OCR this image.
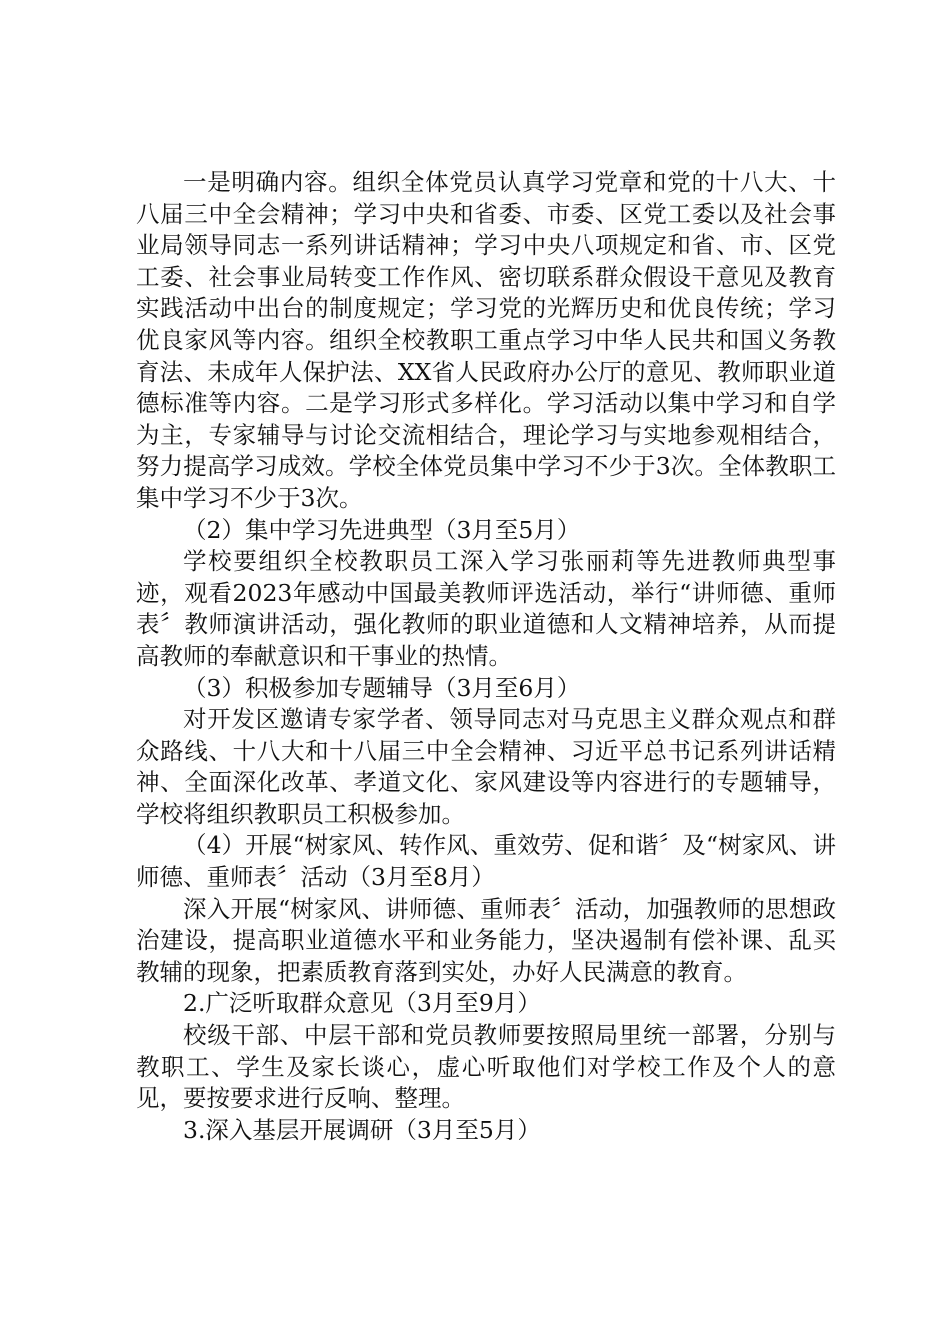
一是明确内容。组织全体党员认真学习党章和党的十八大、十八届三中全会精神；学习中央和省委、市委、区党工委以及社会事业局领导同志一系列讲话精神；学习中央八项规定和省、市、区党工委、社会事业局转变工作作风、密切联系群众假设干意见及教育实践活动中出台的制度规定；学习党的光辉历史和优良传统；学习优良家风等内容。组织全校教职工重点学习中华人民共和国义务教育法、未成年人保护法、XX省人民政府办公厅的意见、教师职业道德标准等内容。二是学习形式多样化。学习活动以集中学习和自学为主，专家辅导与讨论交流相结合，理论学习与实地参观相结合，努力提高学习成效。学校全体党员集中学习不少于3次。全体教职工集中学习不少于3次。

（2）集中学习先进典型（3月至5月）

学校要组织全校教职员工深入学习张丽莉等先进教师典型事迹，观看2023年感动中国最美教师评选活动，举行“讲师德、重师表〞教师演讲活动，强化教师的职业道德和人文精神培养，从而提高教师的奉献意识和干事业的热情。

（3）积极参加专题辅导（3月至6月）

对开发区邀请专家学者、领导同志对马克思主义群众观点和群众路线、十八大和十八届三中全会精神、习近平总书记系列讲话精神、全面深化改革、孝道文化、家风建设等内容进行的专题辅导，学校将组织教职员工积极参加。

（4）开展“树家风、转作风、重效劳、促和谐〞及“树家风、讲师德、重师表〞活动（3月至8月）

深入开展“树家风、讲师德、重师表〞活动，加强教师的思想政治建设，提高职业道德水平和业务能力，坚决遏制有偿补课、乱买教辅的现象，把素质教育落到实处，办好人民满意的教育。

2.广泛听取群众意见（3月至9月）

校级干部、中层干部和党员教师要按照局里统一部署，分别与教职工、学生及家长谈心，虚心听取他们对学校工作及个人的意见，要按要求进行反响、整理。

3.深入基层开展调研（3月至5月）
